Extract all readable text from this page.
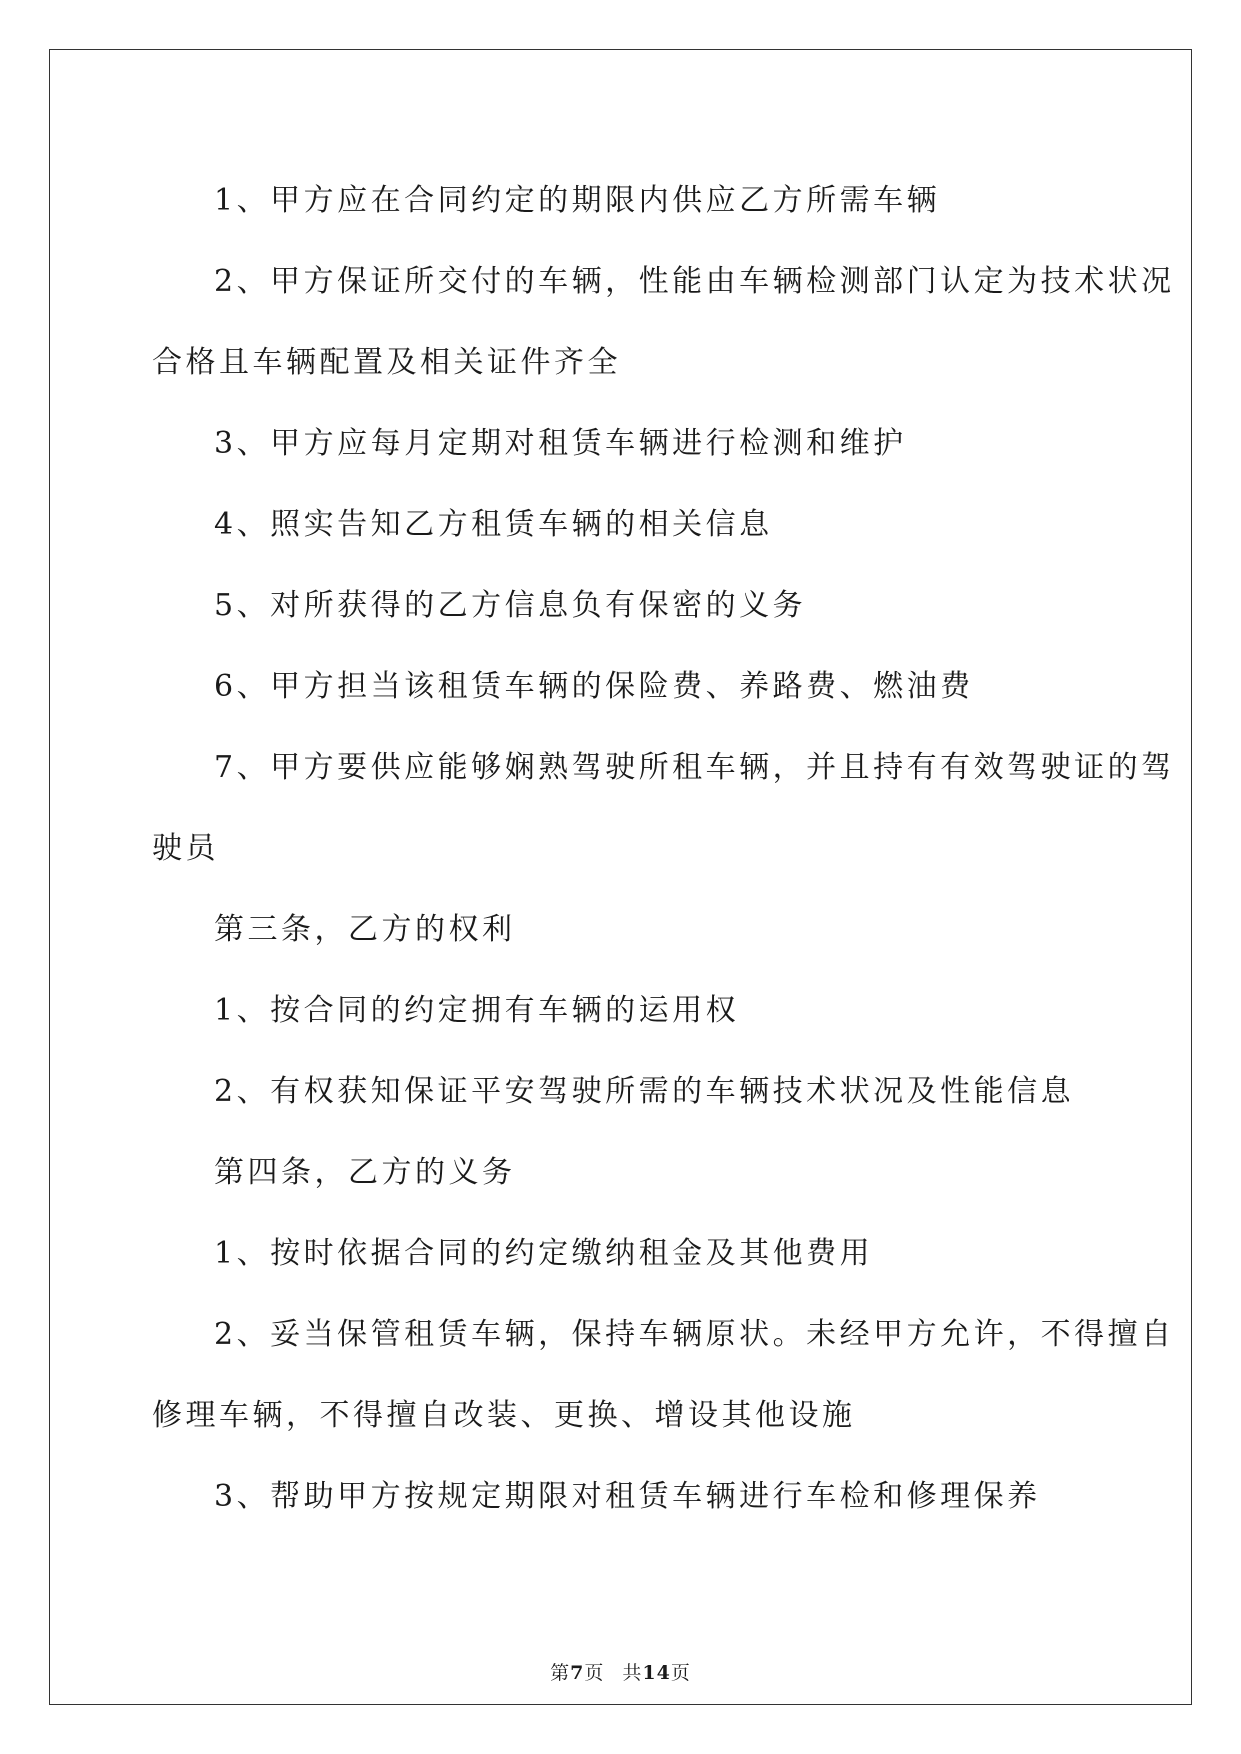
1、甲方应在合同约定的期限内供应乙方所需车辆

2、甲方保证所交付的车辆，性能由车辆检测部门认定为技术状况

合格且车辆配置及相关证件齐全

3、甲方应每月定期对租赁车辆进行检测和维护

4、照实告知乙方租赁车辆的相关信息

5、对所获得的乙方信息负有保密的义务

6、甲方担当该租赁车辆的保险费、养路费、燃油费

7、甲方要供应能够娴熟驾驶所租车辆，并且持有有效驾驶证的驾

驶员

第三条，乙方的权利

1、按合同的约定拥有车辆的运用权

2、有权获知保证平安驾驶所需的车辆技术状况及性能信息

第四条，乙方的义务

1、按时依据合同的约定缴纳租金及其他费用

2、妥当保管租赁车辆，保持车辆原状。未经甲方允许，不得擅自

修理车辆，不得擅自改装、更换、增设其他设施

3、帮助甲方按规定期限对租赁车辆进行车检和修理保养

第7页 共14页
